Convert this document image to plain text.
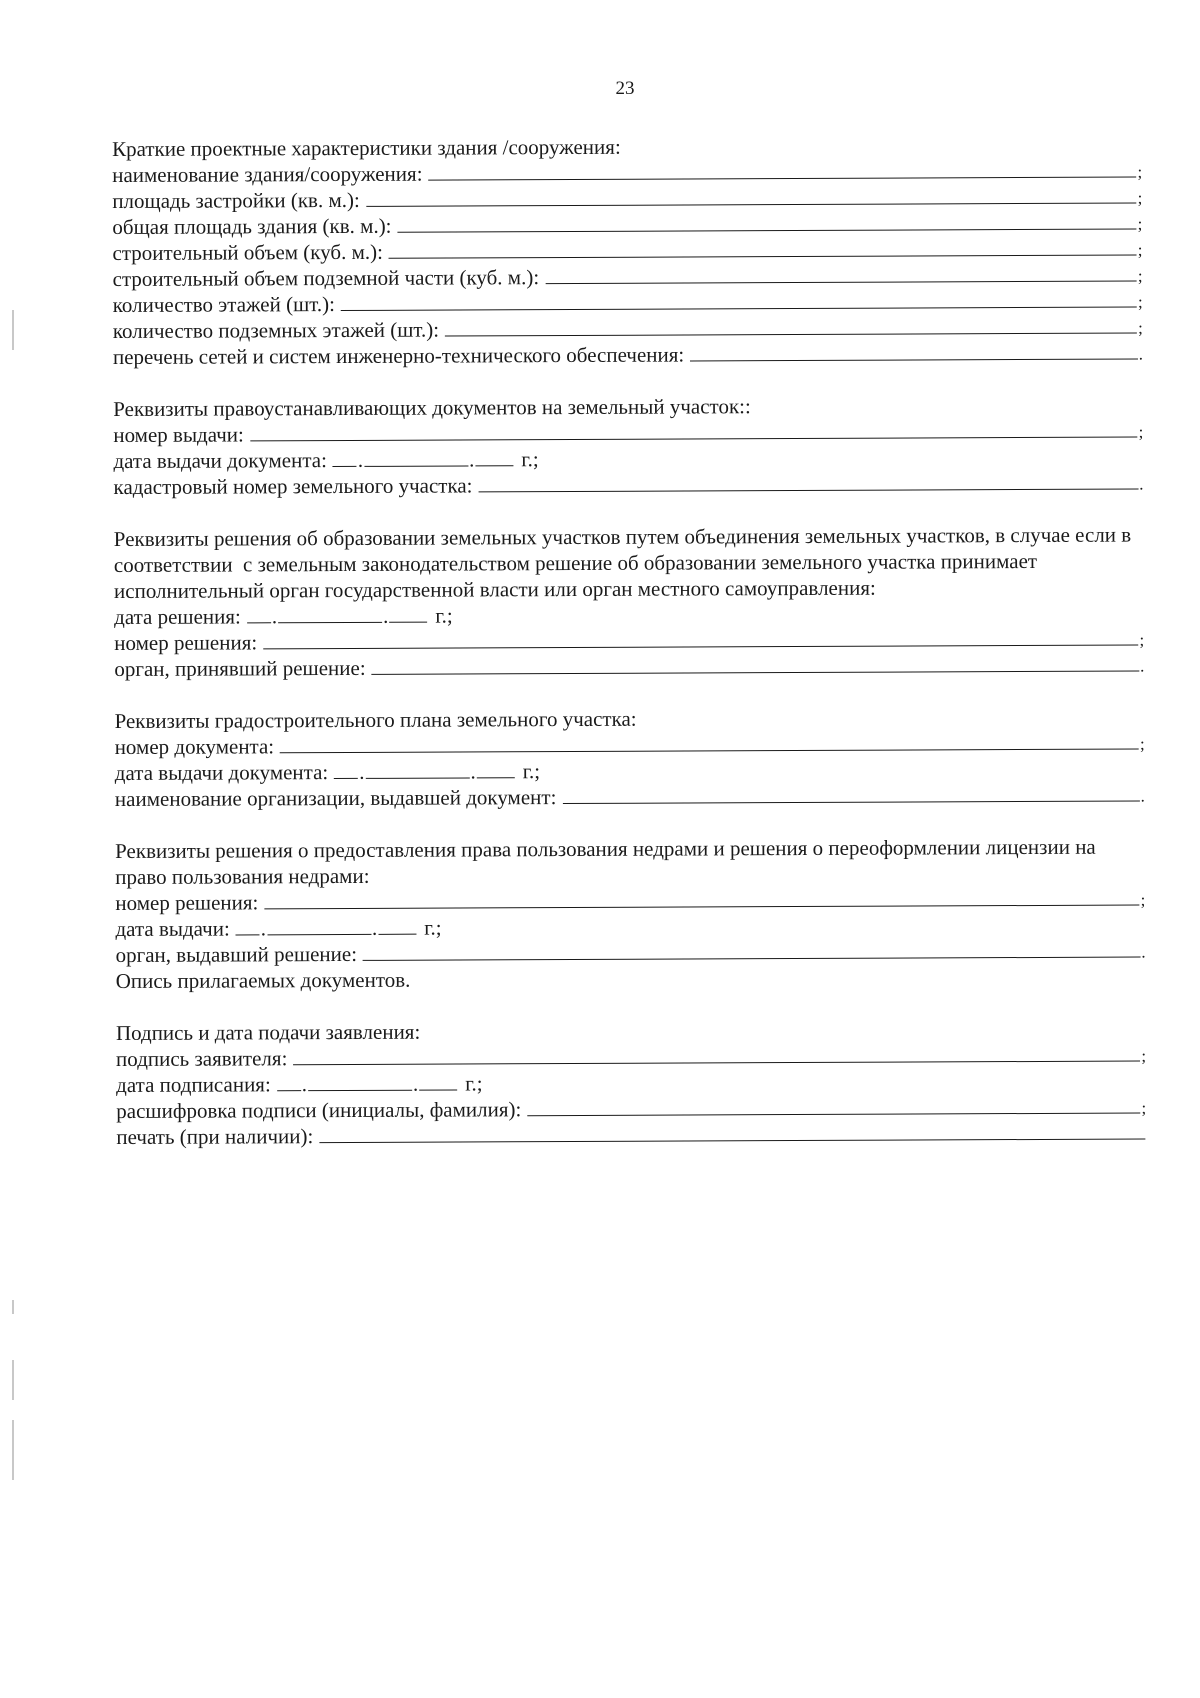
23
Краткие проектные характеристики здания /сооружения:
наименование здания/сооружения:	;
площадь застройки (кв. м.):	;
общая площадь здания (кв. м.):	;
строительный объем (куб. м.):	;
строительный объем подземной части (куб. м.):	;
количество этажей (шт.):	;
количество подземных этажей (шт.):	;
перечень сетей и систем инженерно-технического обеспечения:	.
Реквизиты правоустанавливающих документов на земельный участок::
номер выдачи:	;
дата выдачи документа: .	. г.;
кадастровый номер земельного участка:	.
Реквизиты решения об образовании земельных участков путем объединения земельных участков, в случае если в соответствии  с земельным законодательством решение об образовании земельного участка принимает исполнительный орган государственной власти или орган местного самоуправления:
дата решения: .	. г.;
номер решения:	;
орган, принявший решение:	.
Реквизиты градостроительного плана земельного участка:
номер документа:	;
дата выдачи документа: .	. г.;
наименование организации, выдавшей документ:	.
Реквизиты решения о предоставления права пользования недрами и решения о переоформлении лицензии на право пользования недрами:
номер решения:	;
дата выдачи: .	. г.;
орган, выдавший решение:	.
Опись прилагаемых документов.
Подпись и дата подачи заявления:
подпись заявителя:	;
дата подписания: .	. г.;
расшифровка подписи (инициалы, фамилия):	;
печать (при наличии):
